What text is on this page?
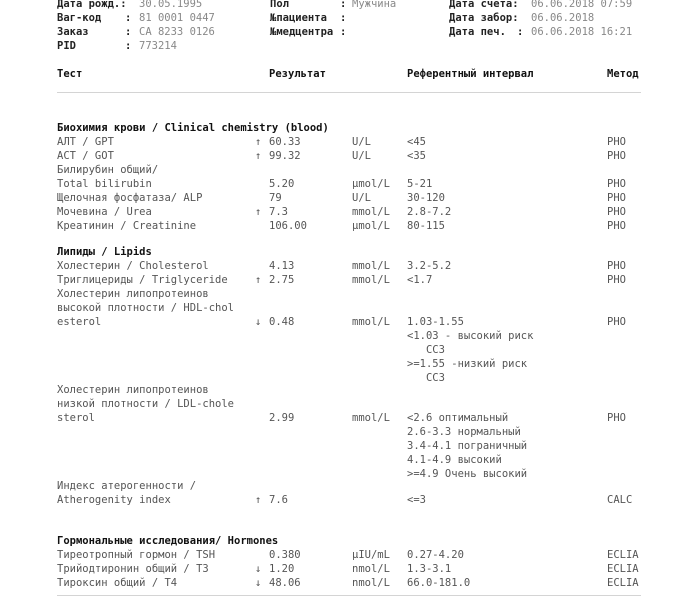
Дата рожд.: 30.05.1995	Пол	: Мужчина	Дата счета: 06.06.2018 07:59
Ваг-код : 81 0001 0447	№пациента :	Дата забор: 06.06.2018
Заказ	: CA 8233 0126	№медцентра :	Дата печ. : 06.06.2018 16:21
PID	: 773214
Тест	Результат	Референтный интервал	Метод
Биохимия крови / Clinical chemistry (blood)
АЛТ / GPT	↑ 60.33	U/L	<45	PHO
АСТ / GOT	↑ 99.32	U/L	<35	PHO
Билирубин общий/
Total bilirubin	5.20	µmol/L 5-21	PHO
Щелочная фосфатаза/ ALP	79	U/L	30-120	PHO
Мочевина / Urea	↑ 7.3	mmol/L 2.8-7.2	PHO
Креатинин / Creatinine	106.00	µmol/L 80-115	PHO
Липиды / Lipids
Холестерин / Cholesterol	4.13	mmol/L 3.2-5.2	PHO
Триглицериды / Triglyceride	↑ 2.75	mmol/L <1.7	PHO
Холестерин липопротеинов
высокой плотности / HDL-chol
esterol	↓ 0.48	mmol/L 1.03-1.55	PHO
<1.03 - высокий риск
ССЗ
>=1.55 -низкий риск
ССЗ
Холестерин липопротеинов
низкой плотности / LDL-chole
sterol	2.99	mmol/L <2.6 оптимальный	PHO
2.6-3.3 нормальный
3.4-4.1 пограничный
4.1-4.9 высокий
>=4.9 Очень высокий
Индекс атерогенности /
Atherogenity index	↑ 7.6	<=3	CALC
Гормональные исследования/ Hormones
Тиреотропный гормон / TSH	0.380	µIU/mL 0.27-4.20	ECLIA
Трийодтиронин общий / T3	↓ 1.20	nmol/L 1.3-3.1	ECLIA
Тироксин общий / T4	↓ 48.06	nmol/L 66.0-181.0	ECLIA
